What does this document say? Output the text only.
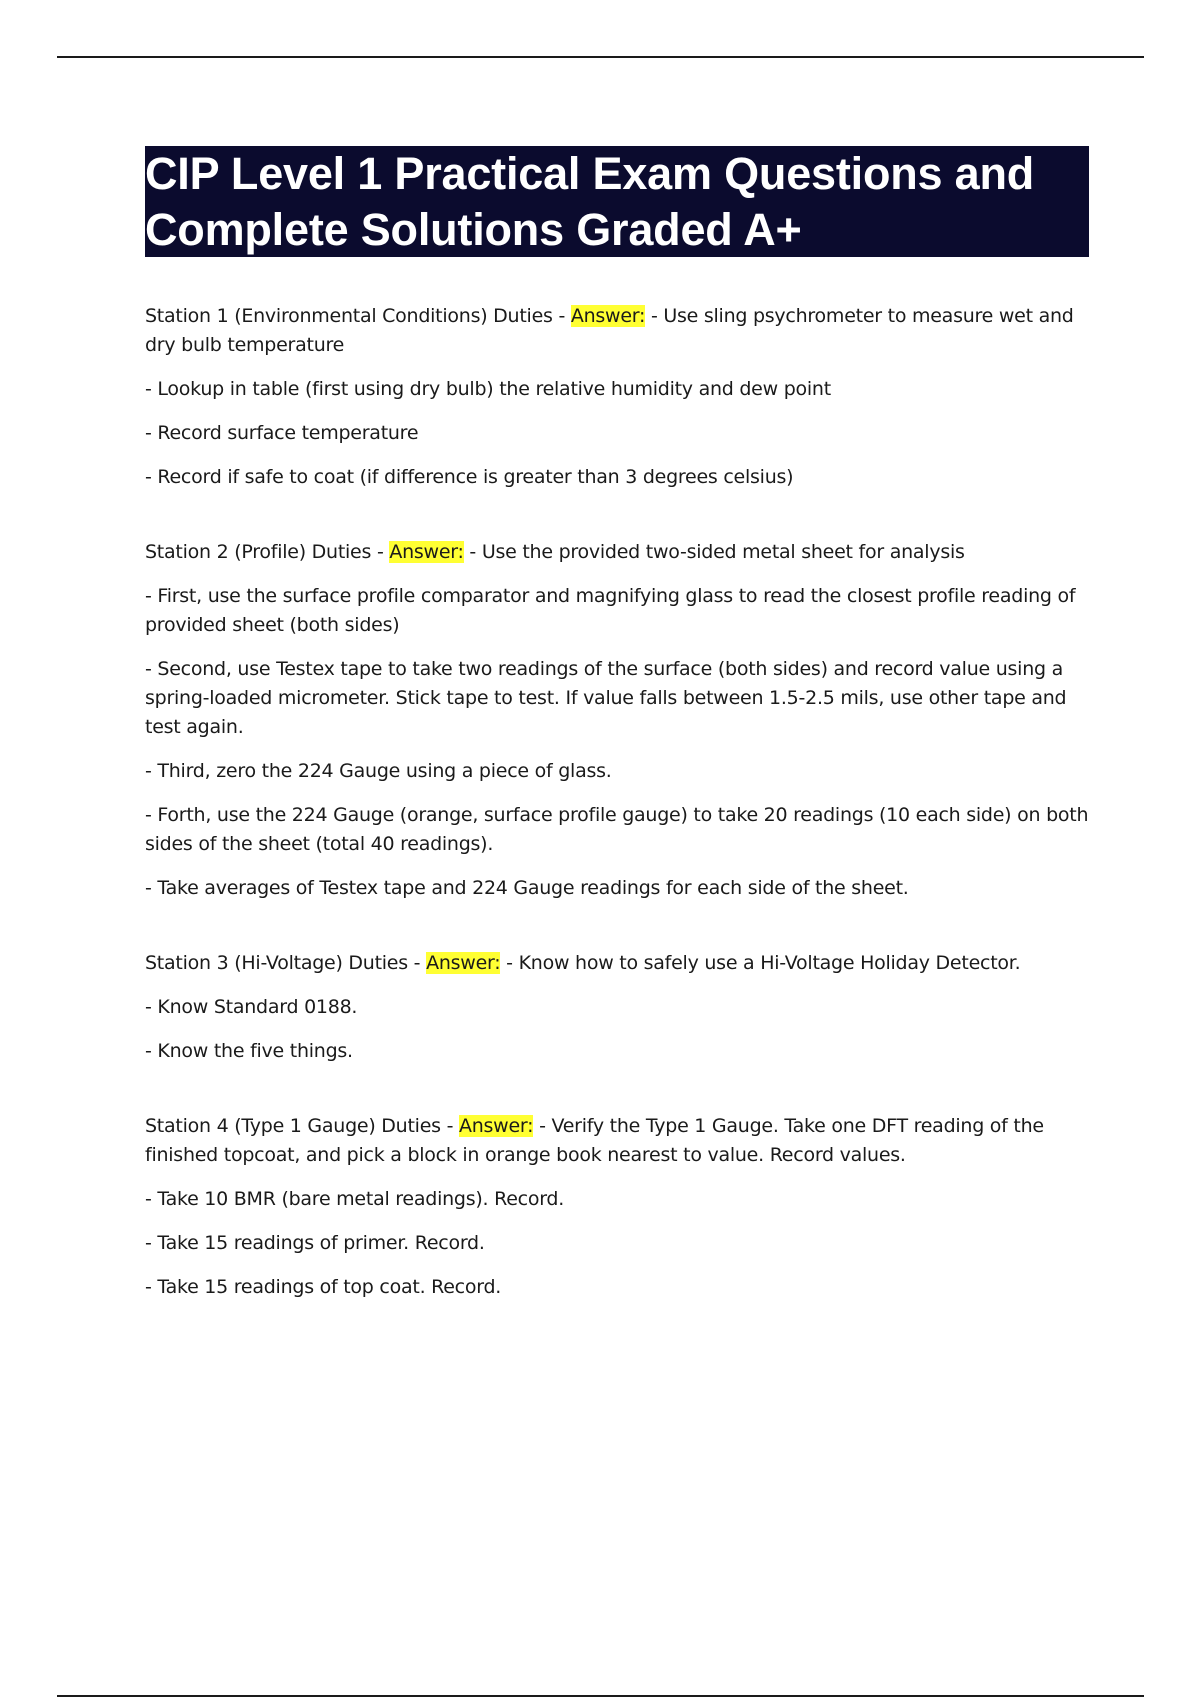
CIP Level 1 Practical Exam Questions and Complete Solutions Graded A+

Station 1 (Environmental Conditions) Duties - Answer: - Use sling psychrometer to measure wet and dry bulb temperature

- Lookup in table (first using dry bulb) the relative humidity and dew point

- Record surface temperature

- Record if safe to coat (if difference is greater than 3 degrees celsius)

Station 2 (Profile) Duties - Answer: - Use the provided two-sided metal sheet for analysis

- First, use the surface profile comparator and magnifying glass to read the closest profile reading of provided sheet (both sides)

- Second, use Testex tape to take two readings of the surface (both sides) and record value using a spring-loaded micrometer. Stick tape to test. If value falls between 1.5-2.5 mils, use other tape and test again.

- Third, zero the 224 Gauge using a piece of glass.

- Forth, use the 224 Gauge (orange, surface profile gauge) to take 20 readings (10 each side) on both sides of the sheet (total 40 readings).

- Take averages of Testex tape and 224 Gauge readings for each side of the sheet.

Station 3 (Hi-Voltage) Duties - Answer: - Know how to safely use a Hi-Voltage Holiday Detector.

- Know Standard 0188.

- Know the five things.

Station 4 (Type 1 Gauge) Duties - Answer: - Verify the Type 1 Gauge. Take one DFT reading of the finished topcoat, and pick a block in orange book nearest to value. Record values.

- Take 10 BMR (bare metal readings). Record.

- Take 15 readings of primer. Record.

- Take 15 readings of top coat. Record.
